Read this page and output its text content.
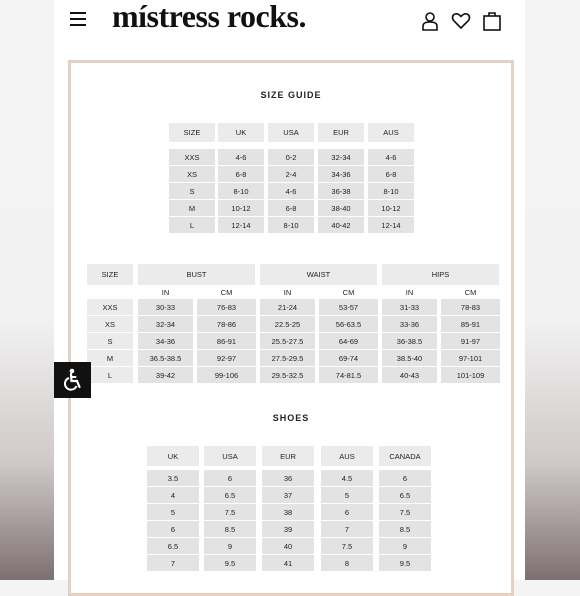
místress rocks.
SIZE GUIDE
SHOES
SIZE	UK	USA	EUR	AUS
XXS	4-6	0-2	32-34	4-6
XS	6-8	2-4	34-36	6-8
S	8-10	4-6	36-38	8-10
M	10-12	6-8	38-40	10-12
L	12-14	8-10	40-42	12-14
SIZE	BUST	WAIST	HIPS
IN	CM	IN	CM	IN	CM
XXS	30-33	76-83	21-24	53-57	31-33	78-83
XS	32-34	78-86	22.5-25	56-63.5	33-36	85-91
S	34-36	86-91	25.5-27.5	64-69	36-38.5	91-97
M	36.5-38.5	92-97	27.5-29.5	69-74	38.5-40	97-101
L	39-42	99-106	29.5-32.5	74-81.5	40-43	101-109
UK	USA	EUR	AUS	CANADA
3.5	6	36	4.5	6
4	6.5	37	5	6.5
5	7.5	38	6	7.5
6	8.5	39	7	8.5
6.5	9	40	7.5	9
7	9.5	41	8	9.5
